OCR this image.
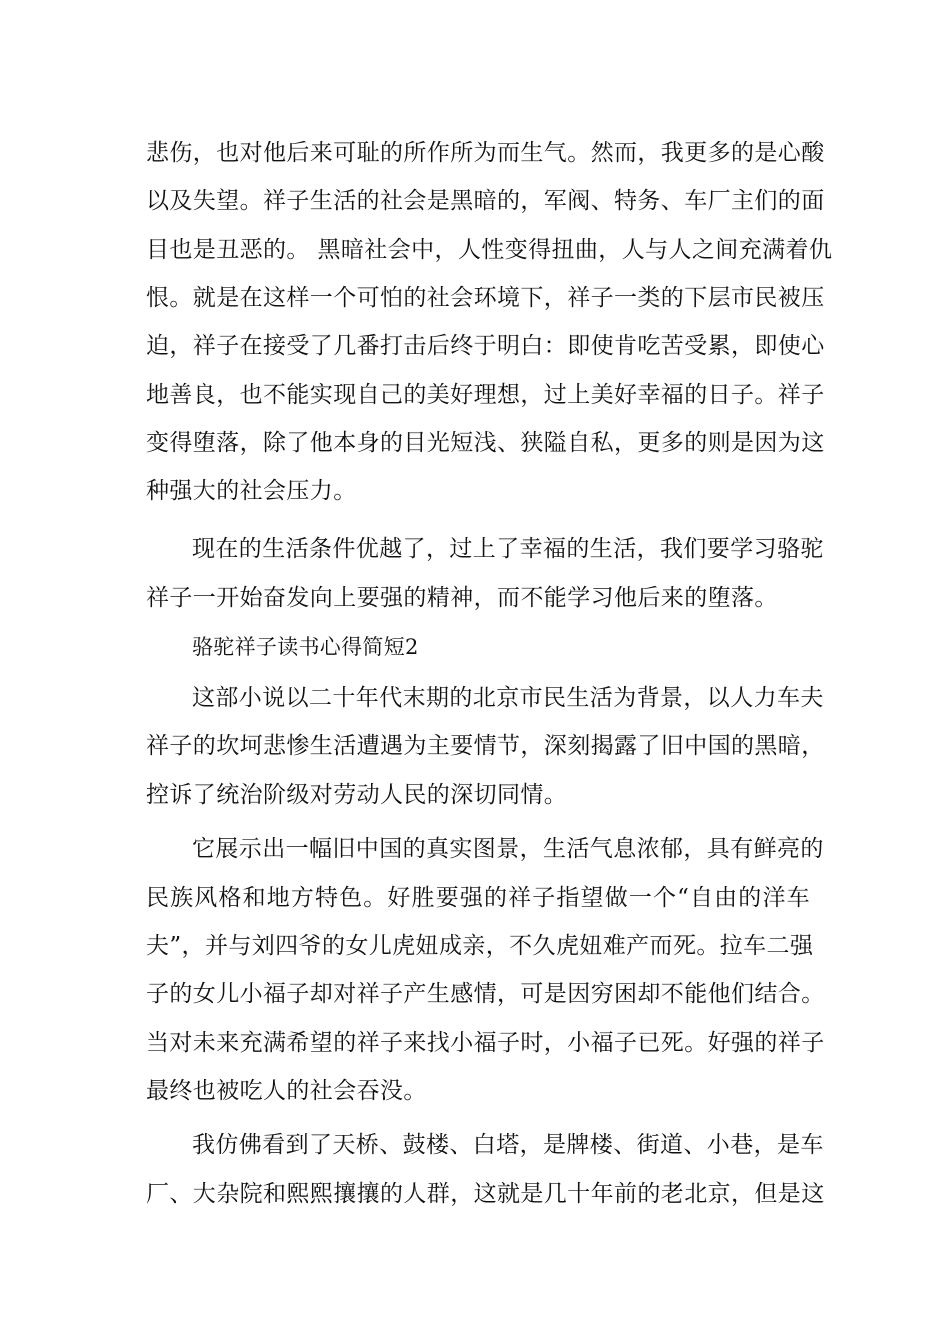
悲伤，也对他后来可耻的所作所为而生气。然而，我更多的是心酸

以及失望。祥子生活的社会是黑暗的，军阀、特务、车厂主们的面

目也是丑恶的。 黑暗社会中，人性变得扭曲，人与人之间充满着仇

恨。就是在这样一个可怕的社会环境下，祥子一类的下层市民被压

迫，祥子在接受了几番打击后终于明白：即使肯吃苦受累，即使心

地善良，也不能实现自己的美好理想，过上美好幸福的日子。祥子

变得堕落，除了他本身的目光短浅、狭隘自私，更多的则是因为这

种强大的社会压力。

现在的生活条件优越了，过上了幸福的生活，我们要学习骆驼

祥子一开始奋发向上要强的精神，而不能学习他后来的堕落。

骆驼祥子读书心得简短2

这部小说以二十年代末期的北京市民生活为背景，以人力车夫

祥子的坎坷悲惨生活遭遇为主要情节，深刻揭露了旧中国的黑暗，

控诉了统治阶级对劳动人民的深切同情。

它展示出一幅旧中国的真实图景，生活气息浓郁，具有鲜亮的

民族风格和地方特色。好胜要强的祥子指望做一个“自由的洋车

夫”，并与刘四爷的女儿虎妞成亲，不久虎妞难产而死。拉车二强

子的女儿小福子却对祥子产生感情，可是因穷困却不能他们结合。

当对未来充满希望的祥子来找小福子时，小福子已死。好强的祥子

最终也被吃人的社会吞没。

我仿佛看到了天桥、鼓楼、白塔，是牌楼、街道、小巷，是车

厂、大杂院和熙熙攘攘的人群，这就是几十年前的老北京，但是这
